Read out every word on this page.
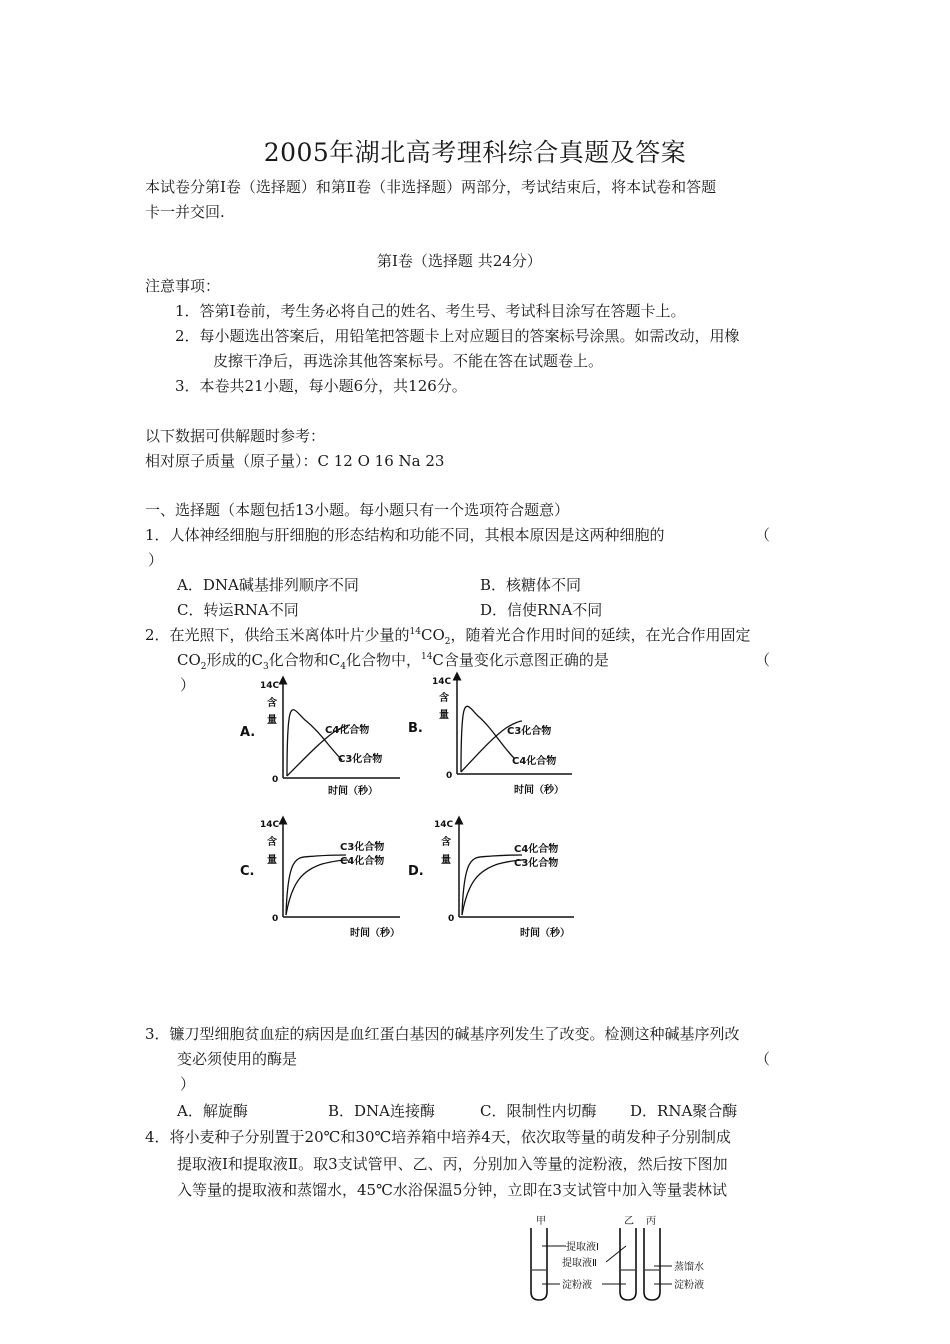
2005年湖北高考理科综合真题及答案
本试卷分第Ⅰ卷（选择题）和第Ⅱ卷（非选择题）两部分，考试结束后，将本试卷和答题
卡一并交回.
第Ⅰ卷（选择题 共24分）
注意事项：
1．答第Ⅰ卷前，考生务必将自己的姓名、考生号、考试科目涂写在答题卡上。
2．每小题选出答案后，用铅笔把答题卡上对应题目的答案标号涂黑。如需改动，用橡
皮擦干净后，再选涂其他答案标号。不能在答在试题卷上。
3．本卷共21小题，每小题6分，共126分。
以下数据可供解题时参考：
相对原子质量（原子量）：C 12 O 16 Na 23
一、选择题（本题包括13小题。每小题只有一个选项符合题意）
1．人体神经细胞与肝细胞的形态结构和功能不同，其根本原因是这两种细胞的	（
）
A．DNA碱基排列顺序不同	B．核糖体不同
C．转运RNA不同	D．信使RNA不同
2．在光照下，供给玉米离体叶片少量的$^{14}CO_2$，随着光合作用时间的延续，在光合作用固定
$CO_2$形成的$C_3$化合物和$C_4$化合物中，$^{14}$C含量变化示意图正确的是	（
）
A.
14C
含
量
0
C4化合物
C3化合物
时间（秒）
B.
14C
含
量
0
C3化合物
C4化合物
时间（秒）
C.
14C
含
量
0
C3化合物
C4化合物
时间（秒）
D.
14C
含
量
0
C4化合物
C3化合物
时间（秒）
3．镰刀型细胞贫血症的病因是血红蛋白基因的碱基序列发生了改变。检测这种碱基序列改
变必须使用的酶是	（
）
A．解旋酶	B．DNA连接酶	C．限制性内切酶 D．RNA聚合酶
4．将小麦种子分别置于20℃和30℃培养箱中培养4天，依次取等量的萌发种子分别制成
提取液Ⅰ和提取液Ⅱ。取3支试管甲、乙、丙，分别加入等量的淀粉液，然后按下图加
入等量的提取液和蒸馏水，45℃水浴保温5分钟，立即在3支试管中加入等量裴林试
甲	乙 丙
提取液Ⅰ
提取液Ⅱ
淀粉液
蒸馏水
淀粉液
